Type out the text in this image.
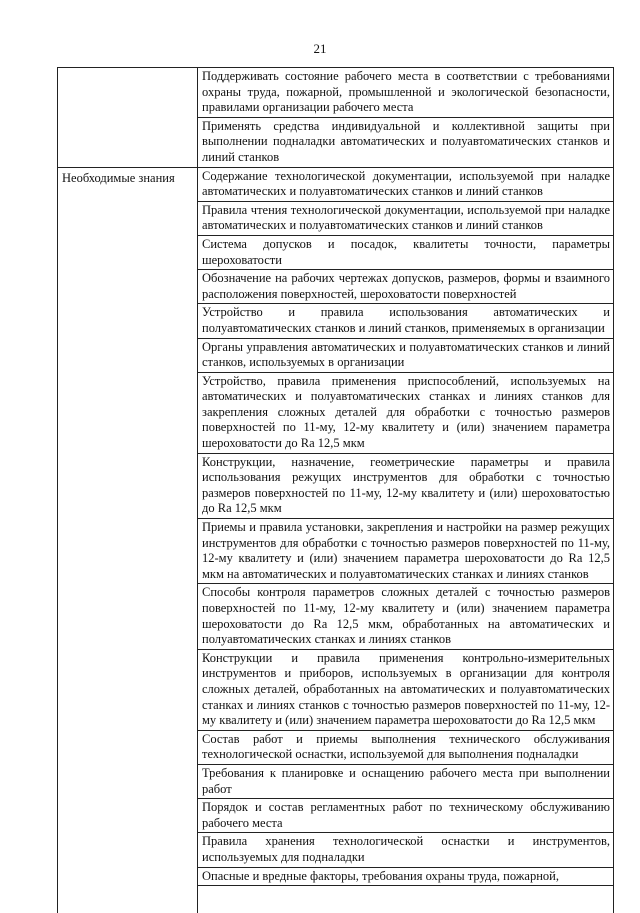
21
Необходимые знания
Поддерживать состояние рабочего места в соответствии с требованиями охраны труда, пожарной, промышленной и экологической безопасности, правилами организации рабочего места
Применять средства индивидуальной и коллективной защиты при выполнении подналадки автоматических и полуавтоматических станков и линий станков
Содержание технологической документации, используемой при наладке автоматических и полуавтоматических станков и линий станков
Правила чтения технологической документации, используемой при наладке автоматических и полуавтоматических станков и линий станков
Система допусков и посадок, квалитеты точности, параметры шероховатости
Обозначение на рабочих чертежах допусков, размеров, формы и взаимного расположения поверхностей, шероховатости поверхностей
Устройство и правила использования автоматических и полуавтоматических станков и линий станков, применяемых в организации
Органы управления автоматических и полуавтоматических станков и линий станков, используемых в организации
Устройство, правила применения приспособлений, используемых на автоматических и полуавтоматических станках и линиях станков для закрепления сложных деталей для обработки с точностью размеров поверхностей по 11-му, 12-му квалитету и (или) значением параметра шероховатости до Ra 12,5 мкм
Конструкции, назначение, геометрические параметры и правила использования режущих инструментов для обработки с точностью размеров поверхностей по 11-му, 12-му квалитету и (или) шероховатостью до Ra 12,5 мкм
Приемы и правила установки, закрепления и настройки на размер режущих инструментов для обработки с точностью размеров поверхностей по 11-му, 12-му квалитету и (или) значением параметра шероховатости до Ra 12,5 мкм на автоматических и полуавтоматических станках и линиях станков
Способы контроля параметров сложных деталей с точностью размеров поверхностей по 11-му, 12-му квалитету и (или) значением параметра шероховатости до Ra 12,5 мкм, обработанных на автоматических и полуавтоматических станках и линиях станков
Конструкции и правила применения контрольно-измерительных инструментов и приборов, используемых в организации для контроля сложных деталей, обработанных на автоматических и полуавтоматических станках и линиях станков с точностью размеров поверхностей по 11-му, 12-му квалитету и (или) значением параметра шероховатости до Ra 12,5 мкм
Состав работ и приемы выполнения технического обслуживания технологической оснастки, используемой для выполнения подналадки
Требования к планировке и оснащению рабочего места при выполнении работ
Порядок и состав регламентных работ по техническому обслуживанию рабочего места
Правила хранения технологической оснастки и инструментов, используемых для подналадки
Опасные и вредные факторы, требования охраны труда, пожарной,
